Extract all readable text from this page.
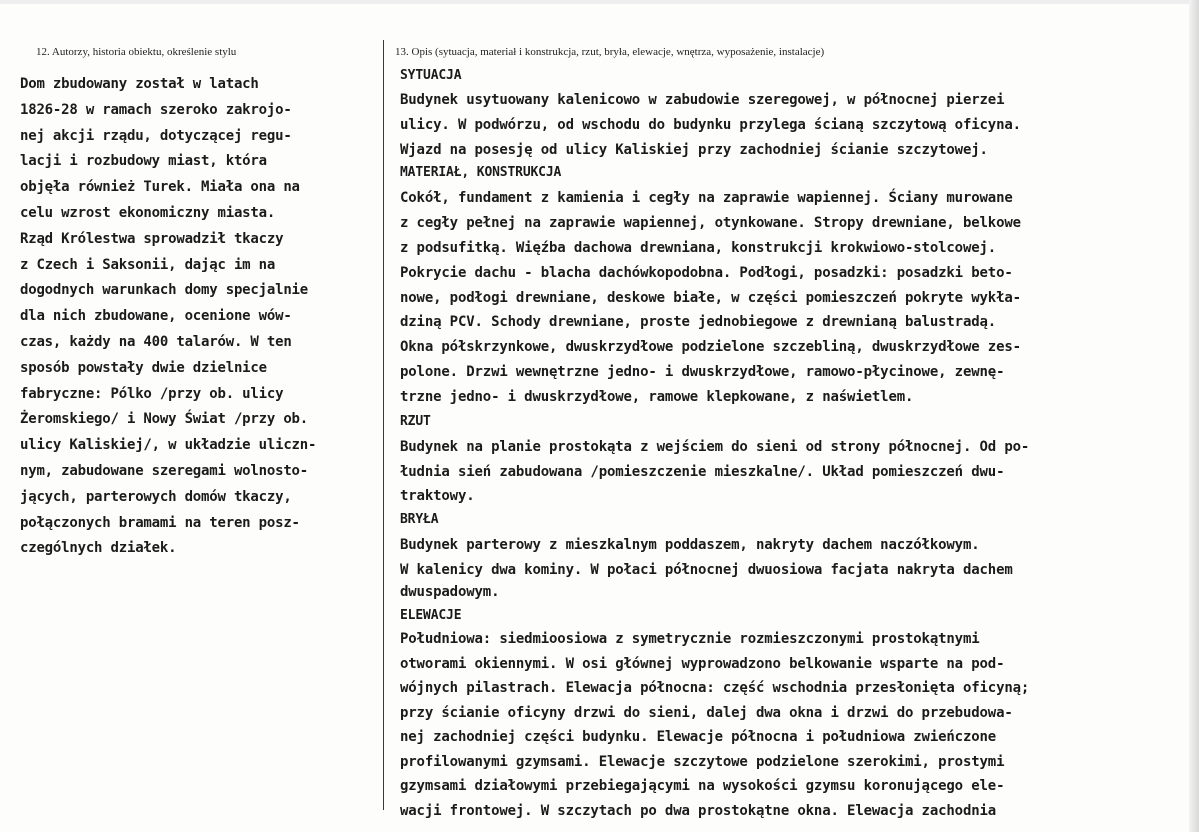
12. Autorzy, historia obiektu, określenie stylu	13. Opis (sytuacja, materiał i konstrukcja, rzut, bryła, elewacje, wnętrza, wyposażenie, instalacje)
Dom zbudowany został w latach
1826-28 w ramach szeroko zakrojo-
nej akcji rządu, dotyczącej regu-
lacji i rozbudowy miast, która
objęła również Turek. Miała ona na
celu wzrost ekonomiczny miasta.
Rząd Królestwa sprowadził tkaczy
z Czech i Saksonii, dając im na
dogodnych warunkach domy specjalnie
dla nich zbudowane, ocenione wów-
czas, każdy na 400 talarów. W ten
sposób powstały dwie dzielnice
fabryczne: Pólko /przy ob. ulicy
Żeromskiego/ i Nowy Świat /przy ob.
ulicy Kaliskiej/, w układzie uliczn-
nym, zabudowane szeregami wolnosto-
jących, parterowych domów tkaczy,
połączonych bramami na teren posz-
czególnych działek.
SYTUACJA
Budynek usytuowany kalenicowo w zabudowie szeregowej, w północnej pierzei
ulicy. W podwórzu, od wschodu do budynku przylega ścianą szczytową oficyna.
Wjazd na posesję od ulicy Kaliskiej przy zachodniej ścianie szczytowej.
MATERIAŁ, KONSTRUKCJA
Cokół, fundament z kamienia i cegły na zaprawie wapiennej. Ściany murowane
z cegły pełnej na zaprawie wapiennej, otynkowane. Stropy drewniane, belkowe
z podsufitką. Więźba dachowa drewniana, konstrukcji krokwiowo-stolcowej.
Pokrycie dachu - blacha dachówkopodobna. Podłogi, posadzki: posadzki beto-
nowe, podłogi drewniane, deskowe białe, w części pomieszczeń pokryte wykła-
dziną PCV. Schody drewniane, proste jednobiegowe z drewnianą balustradą.
Okna półskrzynkowe, dwuskrzydłowe podzielone szczebliną, dwuskrzydłowe zes-
polone. Drzwi wewnętrzne jedno- i dwuskrzydłowe, ramowo-płycinowe, zewnę-
trzne jedno- i dwuskrzydłowe, ramowe klepkowane, z naświetlem.
RZUT
Budynek na planie prostokąta z wejściem do sieni od strony północnej. Od po-
łudnia sień zabudowana /pomieszczenie mieszkalne/. Układ pomieszczeń dwu-
traktowy.
BRYŁA
Budynek parterowy z mieszkalnym poddaszem, nakryty dachem naczółkowym.
W kalenicy dwa kominy. W połaci północnej dwuosiowa facjata nakryta dachem
dwuspadowym.
ELEWACJE
Południowa: siedmioosiowa z symetrycznie rozmieszczonymi prostokątnymi
otworami okiennymi. W osi głównej wyprowadzono belkowanie wsparte na pod-
wójnych pilastrach. Elewacja północna: część wschodnia przesłonięta oficyną;
przy ścianie oficyny drzwi do sieni, dalej dwa okna i drzwi do przebudowa-
nej zachodniej części budynku. Elewacje północna i południowa zwieńczone
profilowanymi gzymsami. Elewacje szczytowe podzielone szerokimi, prostymi
gzymsami działowymi przebiegającymi na wysokości gzymsu koronującego ele-
wacji frontowej. W szczytach po dwa prostokątne okna. Elewacja zachodnia
